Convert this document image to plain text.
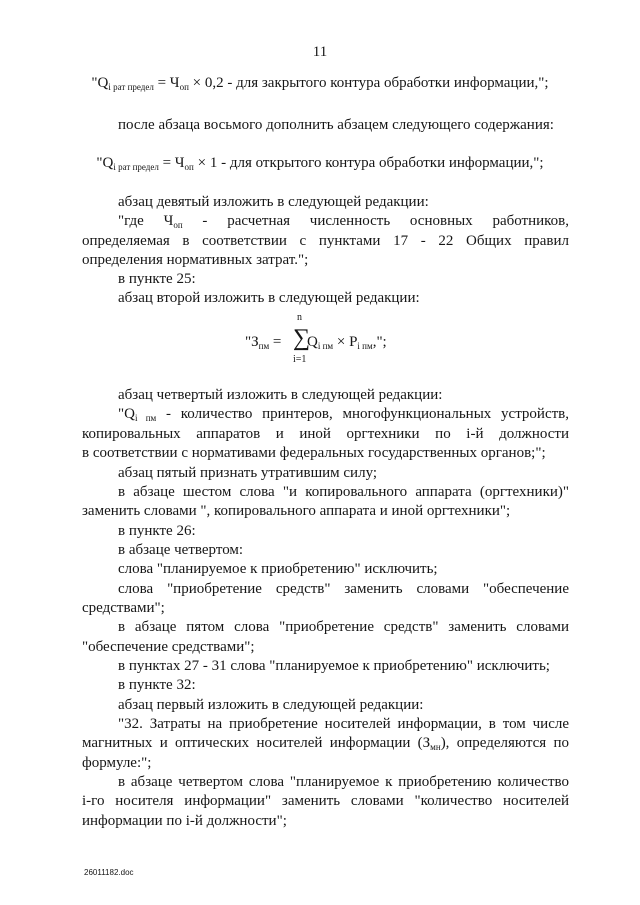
11
"$Q_{i рат предел} = Ч_{оп} \times 0,2$ - для закрытого контура обработки информации,";
после абзаца восьмого дополнить абзацем следующего содержания:
"$Q_{i рат предел} = Ч_{оп} \times 1$ - для открытого контура обработки информации,";
абзац девятый изложить в следующей редакции:
"где $Ч_{оп}$ - расчетная численность основных работников,
определяемая в соответствии с пунктами 17 - 22 Общих правил
определения нормативных затрат.";
в пункте 25:
абзац второй изложить в следующей редакции:
"$З_{пм}$ =
n
∑
i=1
$Q_{i пм} \times P_{i пм}$,";
абзац четвертый изложить в следующей редакции:
"$Q_{i пм}$ - количество принтеров, многофункциональных устройств,
копировальных аппаратов и иной оргтехники по i-й должности
в соответствии с нормативами федеральных государственных органов;";
абзац пятый признать утратившим силу;
в абзаце шестом слова "и копировального аппарата (оргтехники)"
заменить словами ", копировального аппарата и иной оргтехники";
в пункте 26:
в абзаце четвертом:
слова "планируемое к приобретению" исключить;
слова "приобретение средств" заменить словами "обеспечение
средствами";
в абзаце пятом слова "приобретение средств" заменить словами
"обеспечение средствами";
в пунктах 27 - 31 слова "планируемое к приобретению" исключить;
в пункте 32:
абзац первый изложить в следующей редакции:
"32. Затраты на приобретение носителей информации, в том числе
магнитных и оптических носителей информации $(З_{мн})$, определяются по
формуле:";
в абзаце четвертом слова "планируемое к приобретению количество
i-го носителя информации" заменить словами "количество носителей
информации по i-й должности";
26011182.doc
